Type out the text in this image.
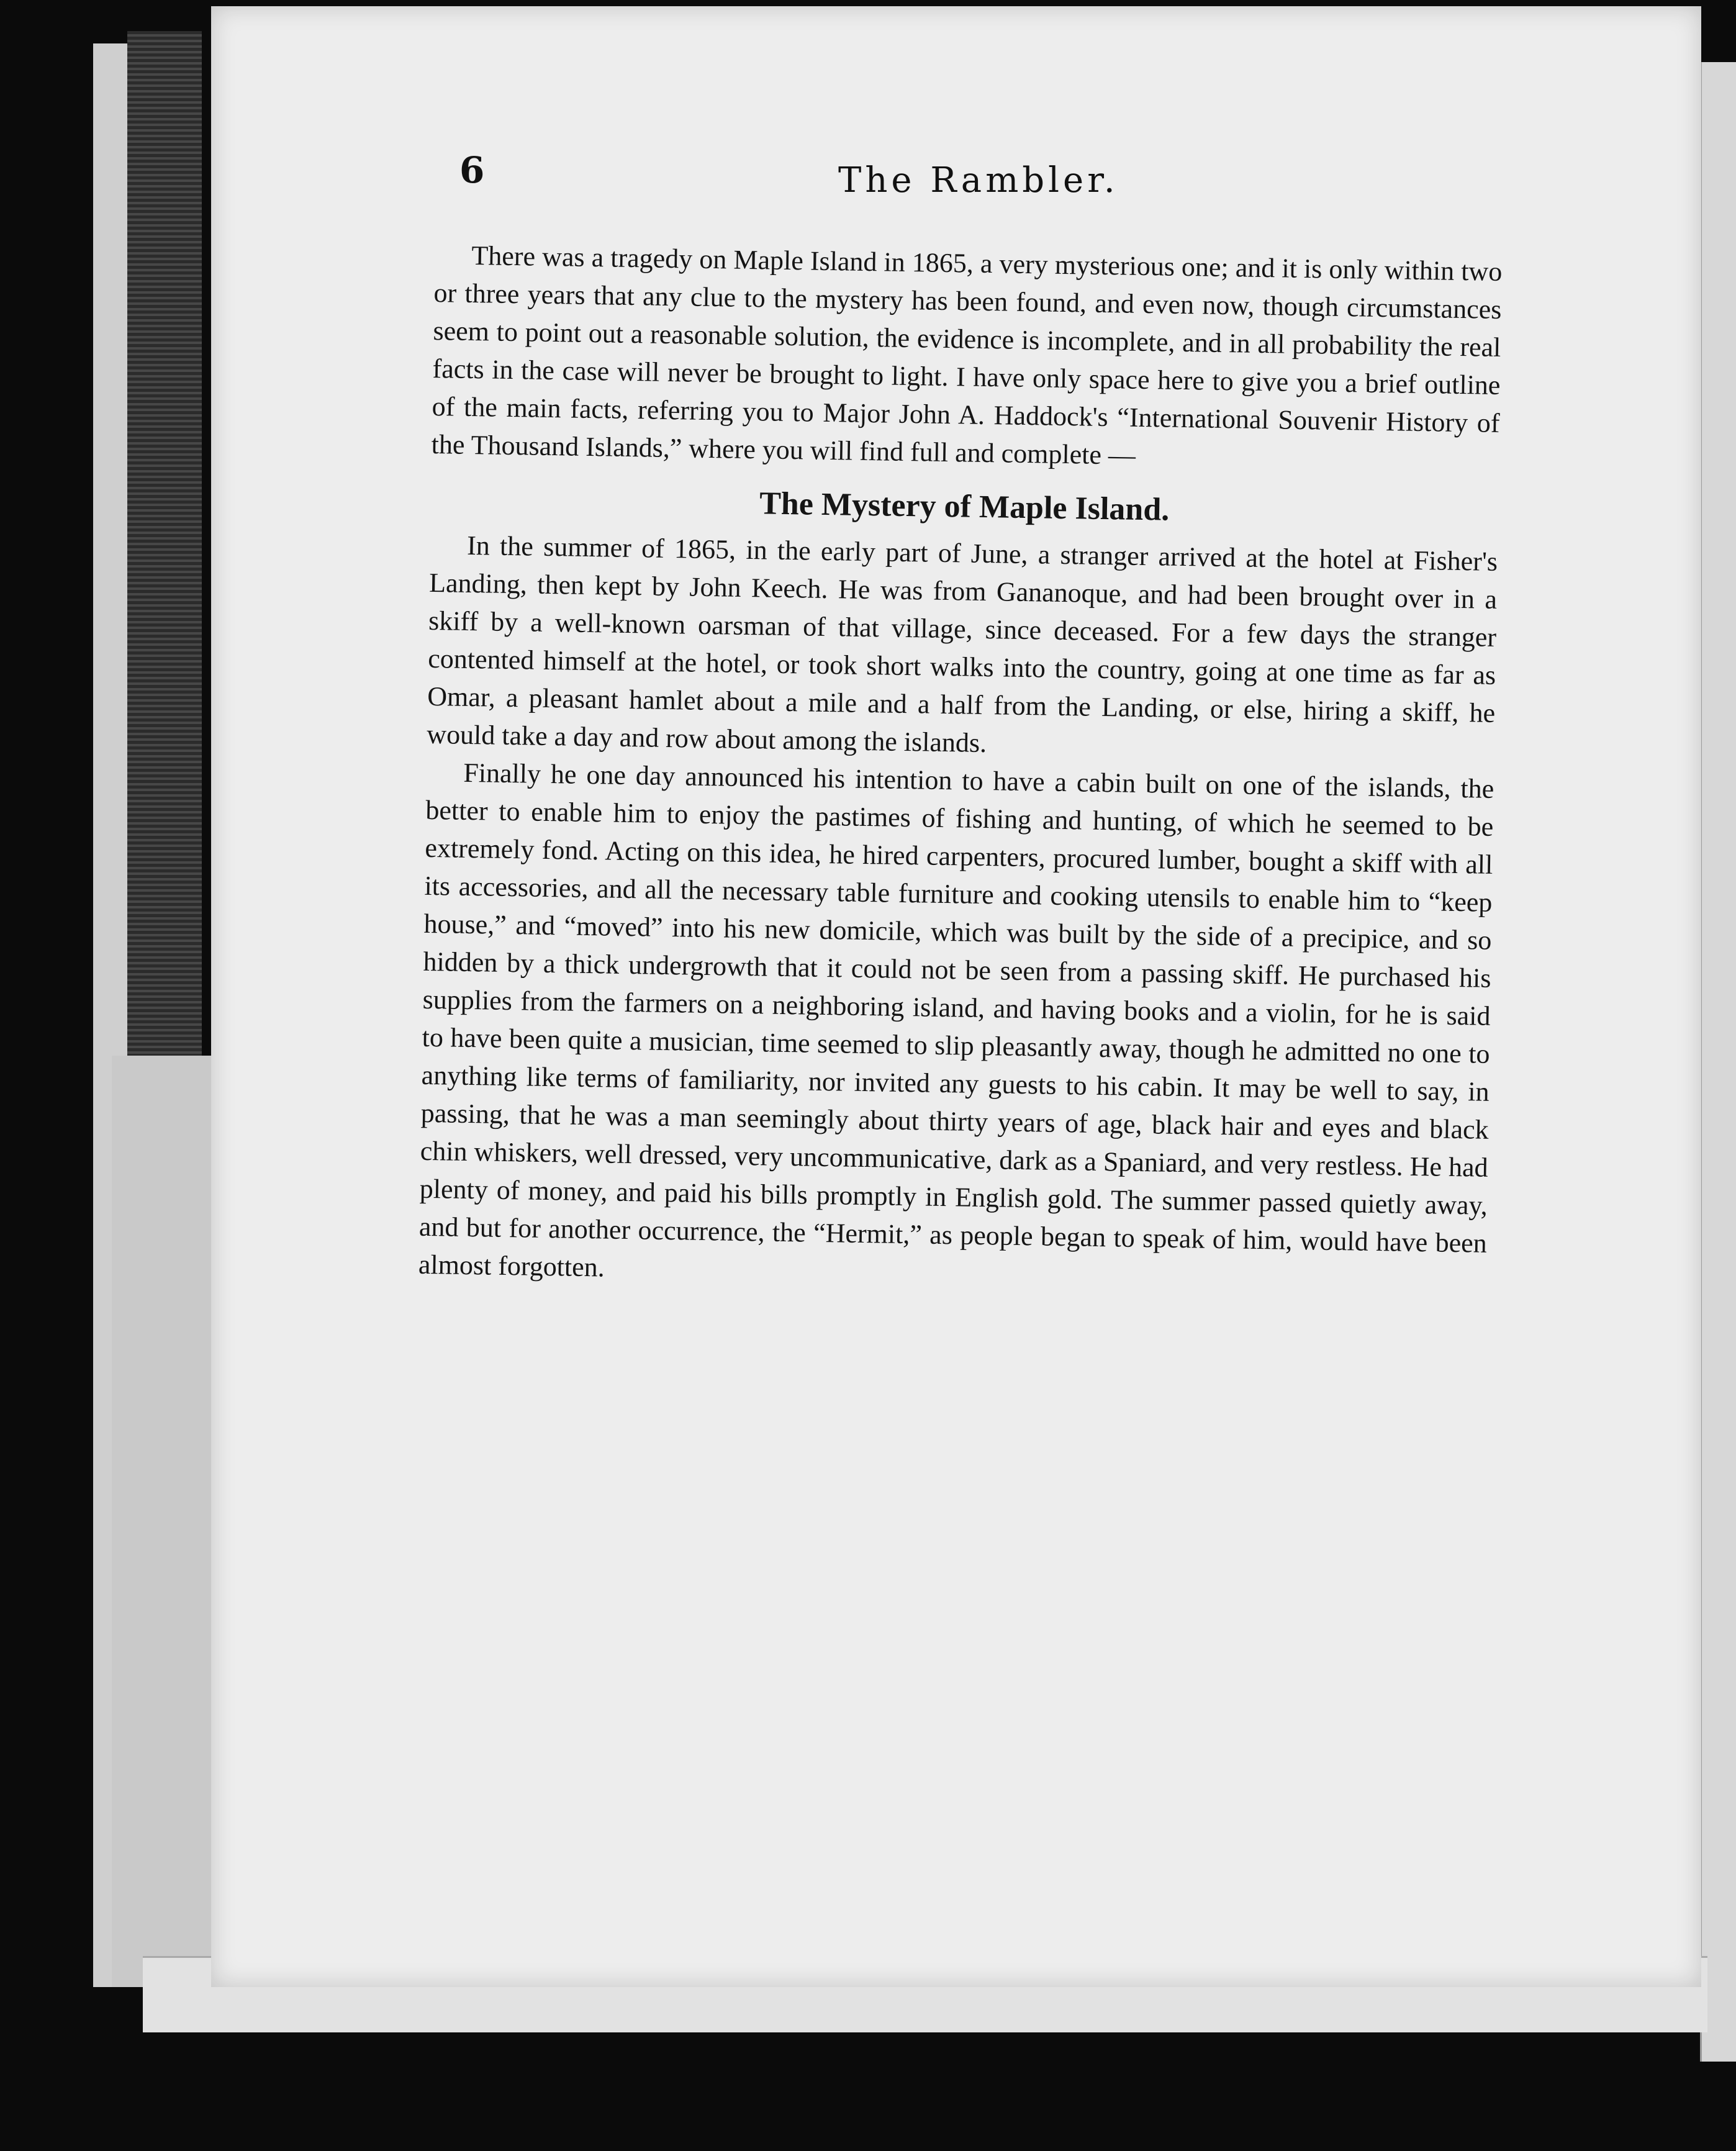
6	The Rambler.

There was a tragedy on Maple Island in 1865, a very mysterious one; and it is only within two or three years that any clue to the mystery has been found, and even now, though circumstances seem to point out a reasonable solution, the evidence is incomplete, and in all probability the real facts in the case will never be brought to light. I have only space here to give you a brief outline of the main facts, referring you to Major John A. Haddock's “International Souvenir History of the Thousand Islands,” where you will find full and complete —

The Mystery of Maple Island.

In the summer of 1865, in the early part of June, a stranger arrived at the hotel at Fisher's Landing, then kept by John Keech. He was from Gananoque, and had been brought over in a skiff by a well-known oarsman of that village, since deceased. For a few days the stranger contented himself at the hotel, or took short walks into the country, going at one time as far as Omar, a pleasant hamlet about a mile and a half from the Landing, or else, hiring a skiff, he would take a day and row about among the islands.

Finally he one day announced his intention to have a cabin built on one of the islands, the better to enable him to enjoy the pastimes of fishing and hunting, of which he seemed to be extremely fond. Acting on this idea, he hired carpenters, procured lumber, bought a skiff with all its accessories, and all the necessary table furniture and cooking utensils to enable him to “keep house,” and “moved” into his new domicile, which was built by the side of a precipice, and so hidden by a thick undergrowth that it could not be seen from a passing skiff. He purchased his supplies from the farmers on a neighboring island, and having books and a violin, for he is said to have been quite a musician, time seemed to slip pleasantly away, though he admitted no one to anything like terms of familiarity, nor invited any guests to his cabin. It may be well to say, in passing, that he was a man seemingly about thirty years of age, black hair and eyes and black chin whiskers, well dressed, very uncommunicative, dark as a Spaniard, and very restless. He had plenty of money, and paid his bills promptly in English gold. The summer passed quietly away, and but for another occurrence, the “Hermit,” as people began to speak of him, would have been almost forgotten.
